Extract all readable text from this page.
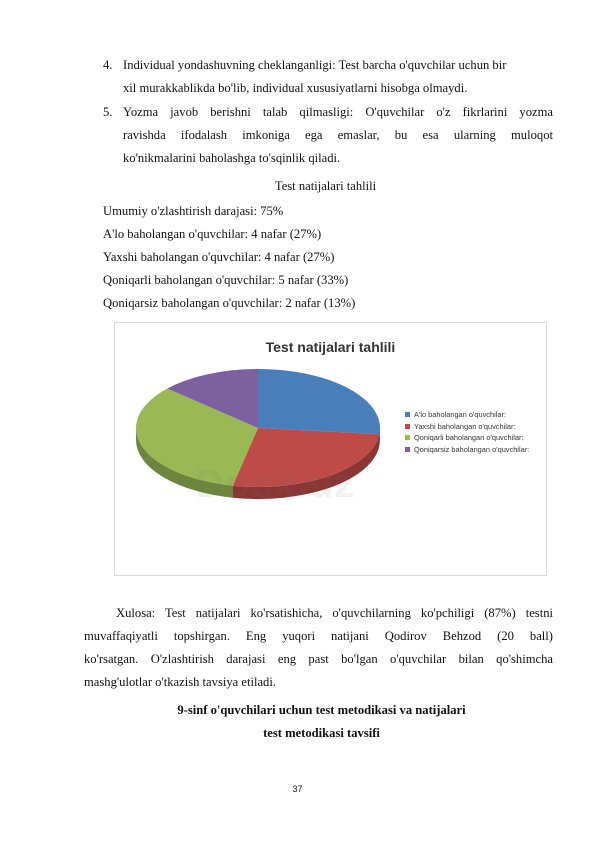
4. Individual yondashuvning cheklanganligi: Test barcha o'quvchilar uchun bir
xil murakkablikda bo'lib, individual xususiyatlarni hisobga olmaydi.
5. Yozma javob berishni talab qilmasligi: O'quvchilar o'z fikrlarini yozma
ravishda ifodalash imkoniga ega emaslar, bu esa ularning muloqot
ko'nikmalarini baholashga to'sqinlik qiladi.
Test natijalari tahlili
Umumiy o'zlashtirish darajasi: 75%
A'lo baholangan o'quvchilar: 4 nafar (27%)
Yaxshi baholangan o'quvchilar: 4 nafar (27%)
Qoniqarli baholangan o'quvchilar: 5 nafar (33%)
Qoniqarsiz baholangan o'quvchilar: 2 nafar (13%)
Test natijalari tahlili
A'lo baholangan o'quvchilar:
Yaxshi baholangan o'quvchilar:
Qoniqarli baholangan o'quvchilar:
Qoniqarsiz baholangan o'quvchilar:
Docx.uz
Xulosa: Test natijalari ko'rsatishicha, o'quvchilarning ko'pchiligi (87%) testni
muvaffaqiyatli topshirgan. Eng yuqori natijani Qodirov Behzod (20 ball)
ko'rsatgan. O'zlashtirish darajasi eng past bo'lgan o'quvchilar bilan qo'shimcha
mashg'ulotlar o'tkazish tavsiya etiladi.
9-sinf o'quvchilari uchun test metodikasi va natijalari
test metodikasi tavsifi
37
